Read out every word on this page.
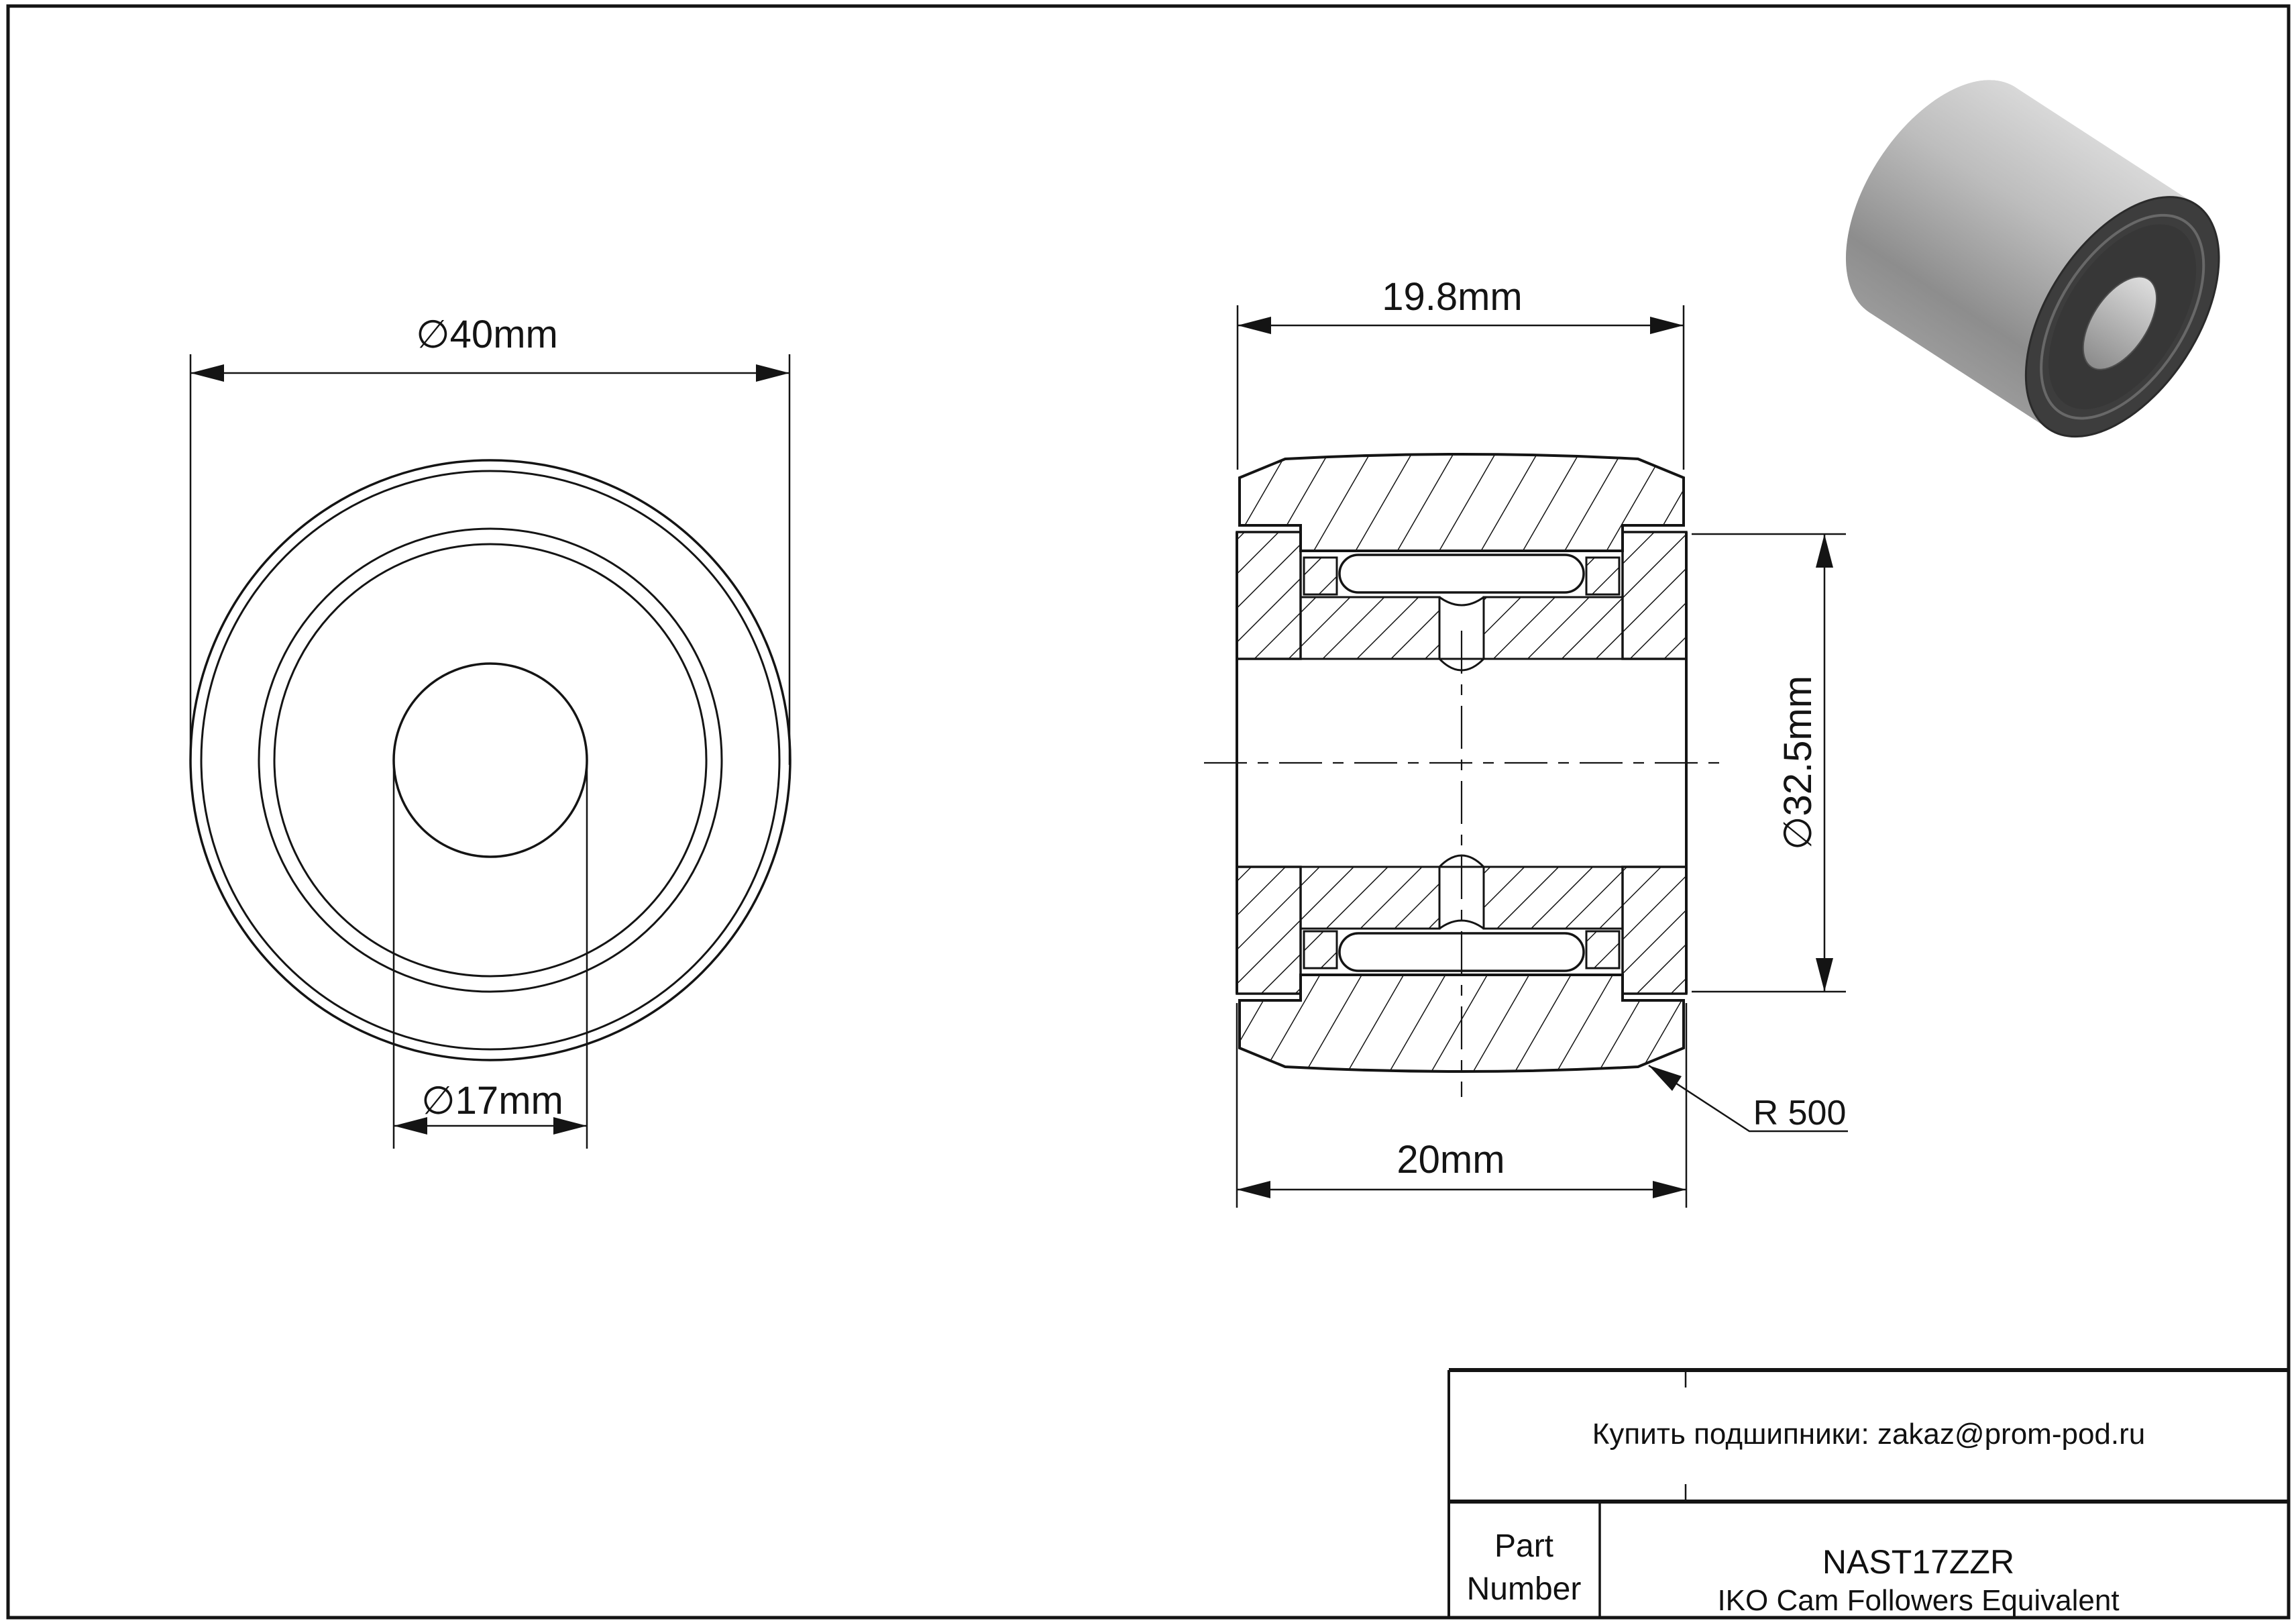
∅40mm
∅17mm
19.8mm
20mm
∅32.5mm
R 500
Купить подшипники: zakaz@prom-pod.ru
Part
Number
NAST17ZZR
IKO Cam Followers Equivalent
